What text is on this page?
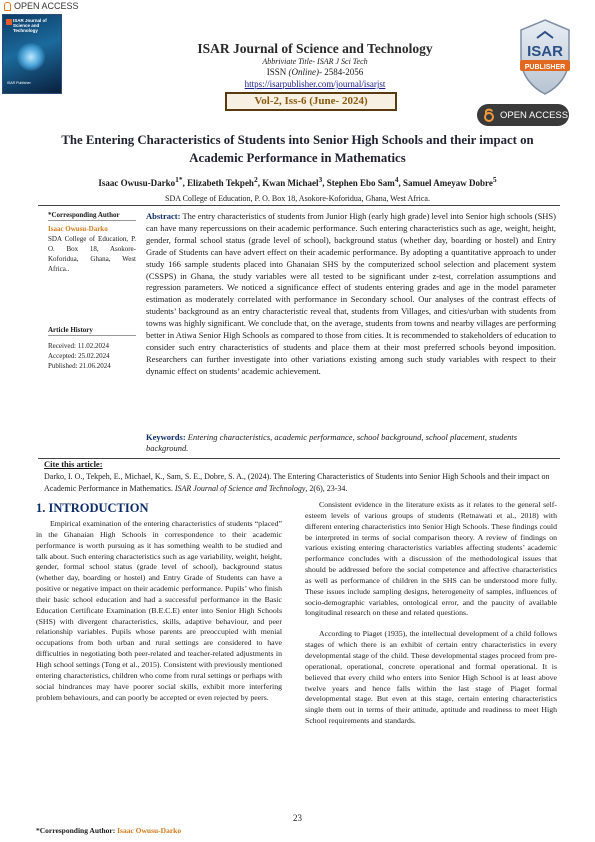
OPEN ACCESS
ISAR Journal of Science and Technology
ISAR Publisher
ISAR Journal of Science and Technology
Abbriviate Title- ISAR J Sci Tech
ISSN (Online)- 2584-2056
https://isarpublisher.com/journal/isarjst
Vol-2, Iss-6 (June- 2024)
ISAR
PUBLISHER
OPEN ACCESS
The Entering Characteristics of Students into Senior High Schools and their impact on Academic Performance in Mathematics
Isaac Owusu-Darko$^{1*}$, Elizabeth Tekpeh$^2$, Kwan Michael$^3$, Stephen Ebo Sam$^4$, Samuel Ameyaw Dobre$^5$
SDA College of Education, P. O. Box 18, Asokore-Koforidua, Ghana, West Africa.
*Corresponding Author
Isaac Owusu-Darko
SDA College of Education, P. O. Box 18, Asokore-Koforidua, Ghana, West Africa..
Article History
Received: 11.02.2024
Accepted: 25.02.2024
Published: 21.06.2024
Abstract: The entry characteristics of students from Junior High (early high grade) level into Senior high schools (SHS) can have many repercussions on their academic performance. Such entering characteristics such as age, weight, height, gender, formal school status (grade level of school), background status (whether day, boarding or hostel) and Entry Grade of Students can have advert effect on their academic performance. By adopting a quantitative approach to under study 166 sample students placed into Ghanaian SHS by the computerized school selection and placement system (CSSPS) in Ghana, the study variables were all tested to be significant under z-test, correlation assumptions and regression parameters. We noticed a significance effect of students entering grades and age in the model parameter estimation as moderately correlated with performance in Secondary school. Our analyses of the contrast effects of students’ background as an entry characteristic reveal that, students from Villages, and cities/urban with students from towns was highly significant. We conclude that, on the average, students from towns and nearby villages are performing better in Atiwa Senior High Schools as compared to those from cities. It is recommended to stakeholders of education to consider such entry characteristics of students and place them at their most preferred schools beyond imposition. Researchers can further investigate into other variations existing among such study variables with respect to their dynamic effect on students’ academic achievement.
Keywords: Entering characteristics, academic performance, school background, school placement, students background.
Cite this article:
Darko, I. O., Tekpeh, E., Michael, K., Sam, S. E., Dobre, S. A., (2024). The Entering Characteristics of Students into Senior High Schools and their impact on Academic Performance in Mathematics. ISAR Journal of Science and Technology, 2(6), 23-34.
1. INTRODUCTION
Empirical examination of the entering characteristics of students “placed” in the Ghanaian High Schools in correspondence to their academic performance is worth pursuing as it has something wealth to be studied and talk about. Such entering characteristics such as age variability, weight, height, gender, formal school status (grade level of school), background status (whether day, boarding or hostel) and Entry Grade of Students can have a positive or negative impact on their academic performance. Pupils’ who finish their basic school education and had a successful performance in the Basic Education Certificate Examination (B.E.C.E) enter into Senior High Schools (SHS) with divergent characteristics, skills, adaptive behaviour, and peer relationship variables. Pupils whose parents are preoccupied with menial occupations from both urban and rural settings are considered to have difficulties in negotiating both peer-related and teacher-related adjustments in High school settings (Tong et al., 2015). Consistent with previously mentioned entering characteristics, children who come from rural settings or perhaps with social hindrances may have poorer social skills, exhibit more interfering problem behaviours, and can poorly be accepted or even rejected by peers.

Consistent evidence in the literature exists as it relates to the general self-esteem levels of various groups of students (Retnawati et al., 2018) with different entering characteristics into Senior High Schools. These findings could be interpreted in terms of social comparison theory. A review of findings on various existing entering characteristics variables affecting students’ academic performance concludes with a discussion of the methodological issues that should be addressed before the social competence and affective characteristics as well as performance of children in the SHS can be understood more fully. These issues include sampling designs, heterogeneity of samples, influences of socio-demographic variables, ontological error, and the paucity of available longitudinal research on these and related questions.

According to Piaget (1935), the intellectual development of a child follows stages of which there is an exhibit of certain entry characteristics in every developmental stage of the child. These developmental stages proceed from pre-operational, operational, concrete operational and formal operational. It is believed that every child who enters into Senior High School is at least above twelve years and hence falls within the last stage of Piaget formal developmental stage. But even at this stage, certain entering characteristics single them out in terms of their attitude, aptitude and readiness to meet High School requirements and standards.

23
*Corresponding Author: Isaac Owusu-Darko
